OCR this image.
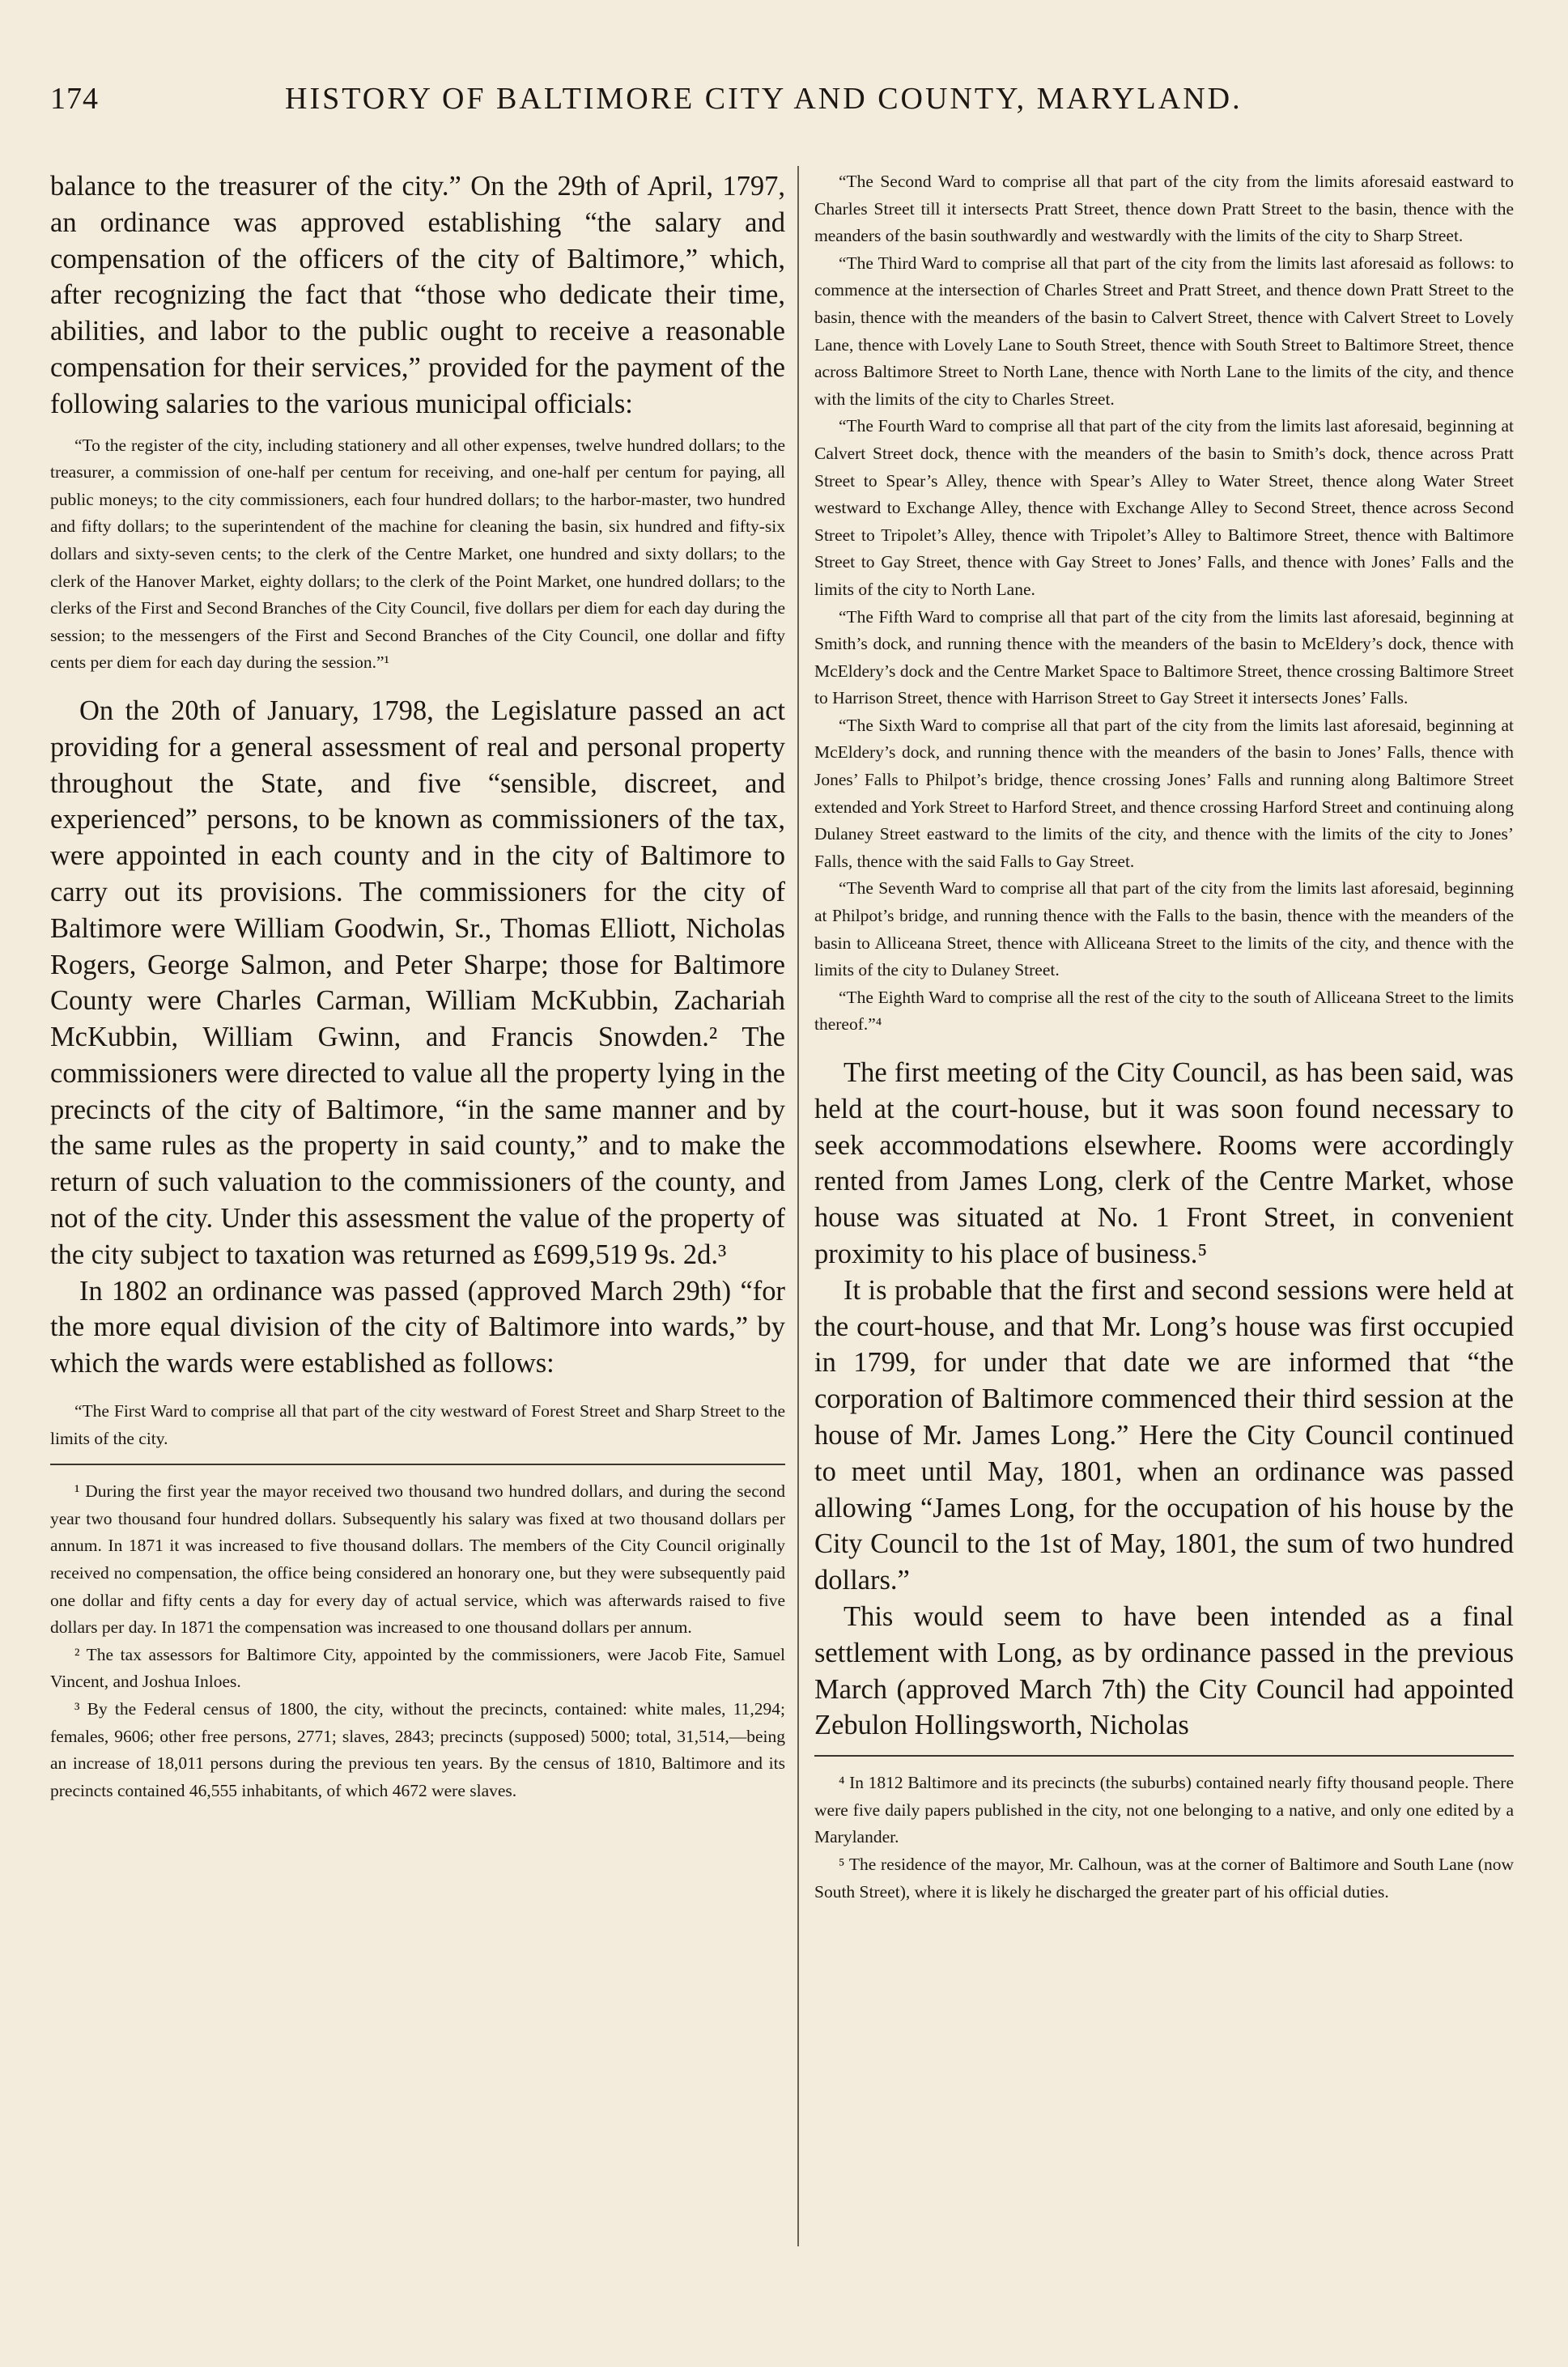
174	HISTORY OF BALTIMORE CITY AND COUNTY, MARYLAND.

balance to the treasurer of the city.” On the 29th of April, 1797, an ordinance was approved establishing “the salary and compensation of the officers of the city of Baltimore,” which, after recognizing the fact that “those who dedicate their time, abilities, and labor to the public ought to receive a reasonable compensation for their services,” provided for the payment of the following salaries to the various municipal officials:

“To the register of the city, including stationery and all other expenses, twelve hundred dollars; to the treasurer, a commission of one-half per centum for receiving, and one-half per centum for paying, all public moneys; to the city commissioners, each four hundred dollars; to the harbor-master, two hundred and fifty dollars; to the superintendent of the machine for cleaning the basin, six hundred and fifty-six dollars and sixty-seven cents; to the clerk of the Centre Market, one hundred and sixty dollars; to the clerk of the Hanover Market, eighty dollars; to the clerk of the Point Market, one hundred dollars; to the clerks of the First and Second Branches of the City Council, five dollars per diem for each day during the session; to the messengers of the First and Second Branches of the City Council, one dollar and fifty cents per diem for each day during the session.”¹

On the 20th of January, 1798, the Legislature passed an act providing for a general assessment of real and personal property throughout the State, and five “sensible, discreet, and experienced” persons, to be known as commissioners of the tax, were appointed in each county and in the city of Baltimore to carry out its provisions. The commissioners for the city of Baltimore were William Goodwin, Sr., Thomas Elliott, Nicholas Rogers, George Salmon, and Peter Sharpe; those for Baltimore County were Charles Carman, William McKubbin, Zachariah McKubbin, William Gwinn, and Francis Snowden.² The commissioners were directed to value all the property lying in the precincts of the city of Baltimore, “in the same manner and by the same rules as the property in said county,” and to make the return of such valuation to the commissioners of the county, and not of the city. Under this assessment the value of the property of the city subject to taxation was returned as £699,519 9s. 2d.³

In 1802 an ordinance was passed (approved March 29th) “for the more equal division of the city of Baltimore into wards,” by which the wards were established as follows:

“The First Ward to comprise all that part of the city westward of Forest Street and Sharp Street to the limits of the city.

¹ During the first year the mayor received two thousand two hundred dollars, and during the second year two thousand four hundred dollars. Subsequently his salary was fixed at two thousand dollars per annum. In 1871 it was increased to five thousand dollars. The members of the City Council originally received no compensation, the office being considered an honorary one, but they were subsequently paid one dollar and fifty cents a day for every day of actual service, which was afterwards raised to five dollars per day. In 1871 the compensation was increased to one thousand dollars per annum.

² The tax assessors for Baltimore City, appointed by the commissioners, were Jacob Fite, Samuel Vincent, and Joshua Inloes.

³ By the Federal census of 1800, the city, without the precincts, contained: white males, 11,294; females, 9606; other free persons, 2771; slaves, 2843; precincts (supposed) 5000; total, 31,514,—being an increase of 18,011 persons during the previous ten years. By the census of 1810, Baltimore and its precincts contained 46,555 inhabitants, of which 4672 were slaves.

“The Second Ward to comprise all that part of the city from the limits aforesaid eastward to Charles Street till it intersects Pratt Street, thence down Pratt Street to the basin, thence with the meanders of the basin southwardly and westwardly with the limits of the city to Sharp Street.

“The Third Ward to comprise all that part of the city from the limits last aforesaid as follows: to commence at the intersection of Charles Street and Pratt Street, and thence down Pratt Street to the basin, thence with the meanders of the basin to Calvert Street, thence with Calvert Street to Lovely Lane, thence with Lovely Lane to South Street, thence with South Street to Baltimore Street, thence across Baltimore Street to North Lane, thence with North Lane to the limits of the city, and thence with the limits of the city to Charles Street.

“The Fourth Ward to comprise all that part of the city from the limits last aforesaid, beginning at Calvert Street dock, thence with the meanders of the basin to Smith’s dock, thence across Pratt Street to Spear’s Alley, thence with Spear’s Alley to Water Street, thence along Water Street westward to Exchange Alley, thence with Exchange Alley to Second Street, thence across Second Street to Tripolet’s Alley, thence with Tripolet’s Alley to Baltimore Street, thence with Baltimore Street to Gay Street, thence with Gay Street to Jones’ Falls, and thence with Jones’ Falls and the limits of the city to North Lane.

“The Fifth Ward to comprise all that part of the city from the limits last aforesaid, beginning at Smith’s dock, and running thence with the meanders of the basin to McEldery’s dock, thence with McEldery’s dock and the Centre Market Space to Baltimore Street, thence crossing Baltimore Street to Harrison Street, thence with Harrison Street to Gay Street it intersects Jones’ Falls.

“The Sixth Ward to comprise all that part of the city from the limits last aforesaid, beginning at McEldery’s dock, and running thence with the meanders of the basin to Jones’ Falls, thence with Jones’ Falls to Philpot’s bridge, thence crossing Jones’ Falls and running along Baltimore Street extended and York Street to Harford Street, and thence crossing Harford Street and continuing along Dulaney Street eastward to the limits of the city, and thence with the limits of the city to Jones’ Falls, thence with the said Falls to Gay Street.

“The Seventh Ward to comprise all that part of the city from the limits last aforesaid, beginning at Philpot’s bridge, and running thence with the Falls to the basin, thence with the meanders of the basin to Alliceana Street, thence with Alliceana Street to the limits of the city, and thence with the limits of the city to Dulaney Street.

“The Eighth Ward to comprise all the rest of the city to the south of Alliceana Street to the limits thereof.”⁴

The first meeting of the City Council, as has been said, was held at the court-house, but it was soon found necessary to seek accommodations elsewhere. Rooms were accordingly rented from James Long, clerk of the Centre Market, whose house was situated at No. 1 Front Street, in convenient proximity to his place of business.⁵

It is probable that the first and second sessions were held at the court-house, and that Mr. Long’s house was first occupied in 1799, for under that date we are informed that “the corporation of Baltimore commenced their third session at the house of Mr. James Long.” Here the City Council continued to meet until May, 1801, when an ordinance was passed allowing “James Long, for the occupation of his house by the City Council to the 1st of May, 1801, the sum of two hundred dollars.”

This would seem to have been intended as a final settlement with Long, as by ordinance passed in the previous March (approved March 7th) the City Council had appointed Zebulon Hollingsworth, Nicholas

⁴ In 1812 Baltimore and its precincts (the suburbs) contained nearly fifty thousand people. There were five daily papers published in the city, not one belonging to a native, and only one edited by a Marylander.

⁵ The residence of the mayor, Mr. Calhoun, was at the corner of Baltimore and South Lane (now South Street), where it is likely he discharged the greater part of his official duties.
